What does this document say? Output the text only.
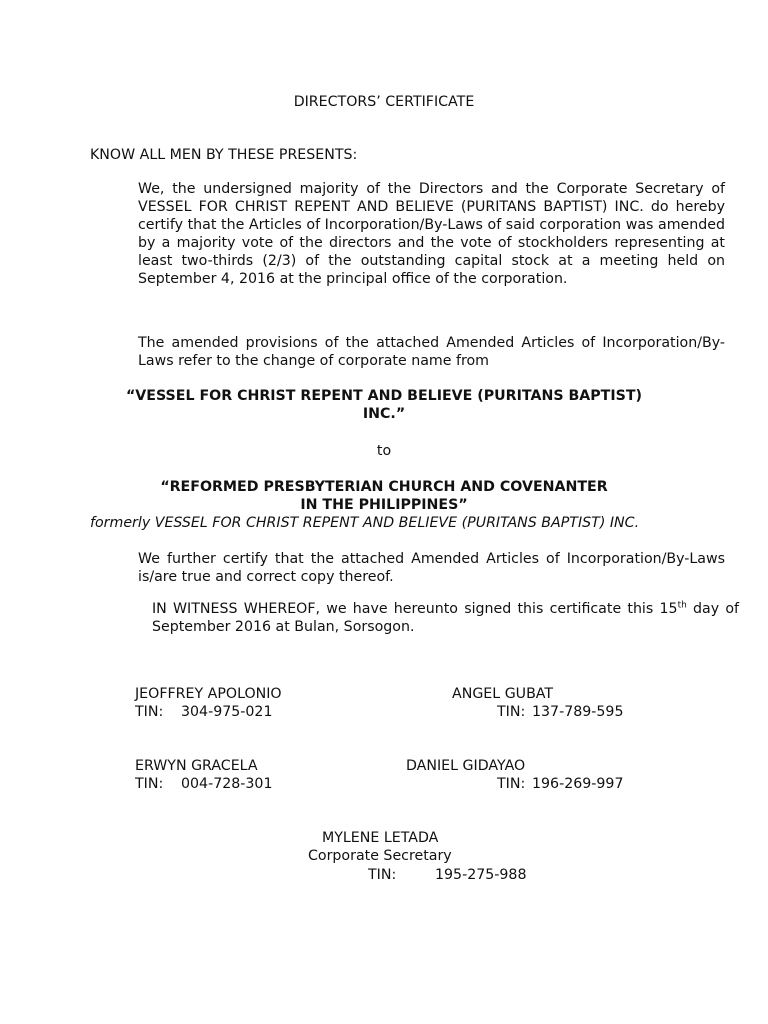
DIRECTORS’ CERTIFICATE
KNOW ALL MEN BY THESE PRESENTS:
We, the undersigned majority of the Directors and the Corporate Secretary of VESSEL FOR CHRIST REPENT AND BELIEVE (PURITANS BAPTIST) INC. do hereby certify that the Articles of Incorporation/By-Laws of said corporation was amended by a majority vote of the directors and the vote of stockholders representing at least two-thirds (2/3) of the outstanding capital stock at a meeting held on September 4, 2016 at the principal office of the corporation.
The amended provisions of the attached Amended Articles of Incorporation/By-Laws refer to the change of corporate name from
“VESSEL FOR CHRIST REPENT AND BELIEVE (PURITANS BAPTIST)
INC.”
to
“REFORMED PRESBYTERIAN CHURCH AND COVENANTER
IN THE PHILIPPINES”
formerly VESSEL FOR CHRIST REPENT AND BELIEVE (PURITANS BAPTIST) INC.
We further certify that the attached Amended Articles of Incorporation/By-Laws is/are true and correct copy thereof.
IN WITNESS WHEREOF, we have hereunto signed this certificate this 15th day of September 2016 at Bulan, Sorsogon.
JEOFFREY APOLONIO
TIN: 304-975-021
ANGEL GUBAT
TIN: 137-789-595
ERWYN GRACELA
TIN: 004-728-301
DANIEL GIDAYAO
TIN: 196-269-997
MYLENE LETADA
Corporate Secretary
TIN:	195-275-988
